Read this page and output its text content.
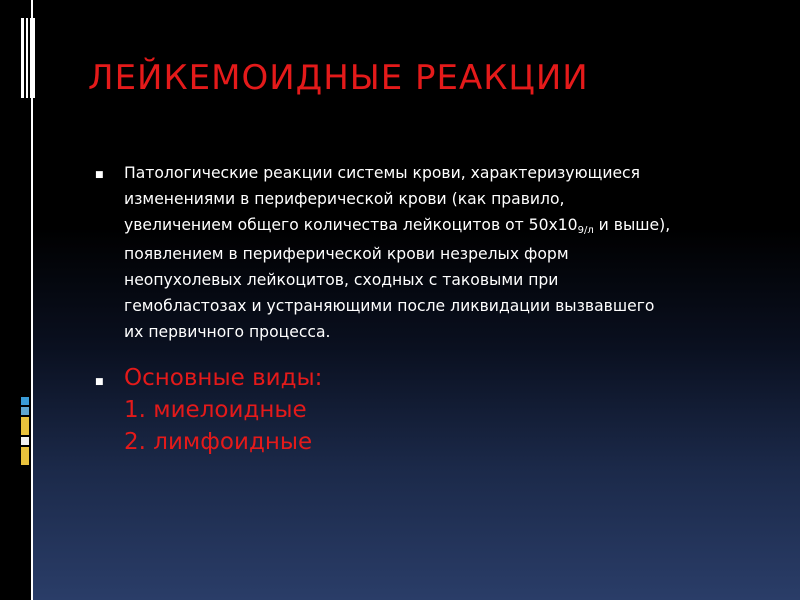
ЛЕЙКЕМОИДНЫЕ РЕАКЦИИ
■ Патологические реакции системы крови, характеризующиеся
изменениями в периферической крови (как правило,
увеличением общего количества лейкоцитов от 50х109/л и выше),
появлением в периферической крови незрелых форм
неопухолевых лейкоцитов, сходных с таковыми при
гемобластозах и устраняющими после ликвидации вызвавшего
их первичного процесса.

■ Основные виды:
1. миелоидные
2. лимфоидные
